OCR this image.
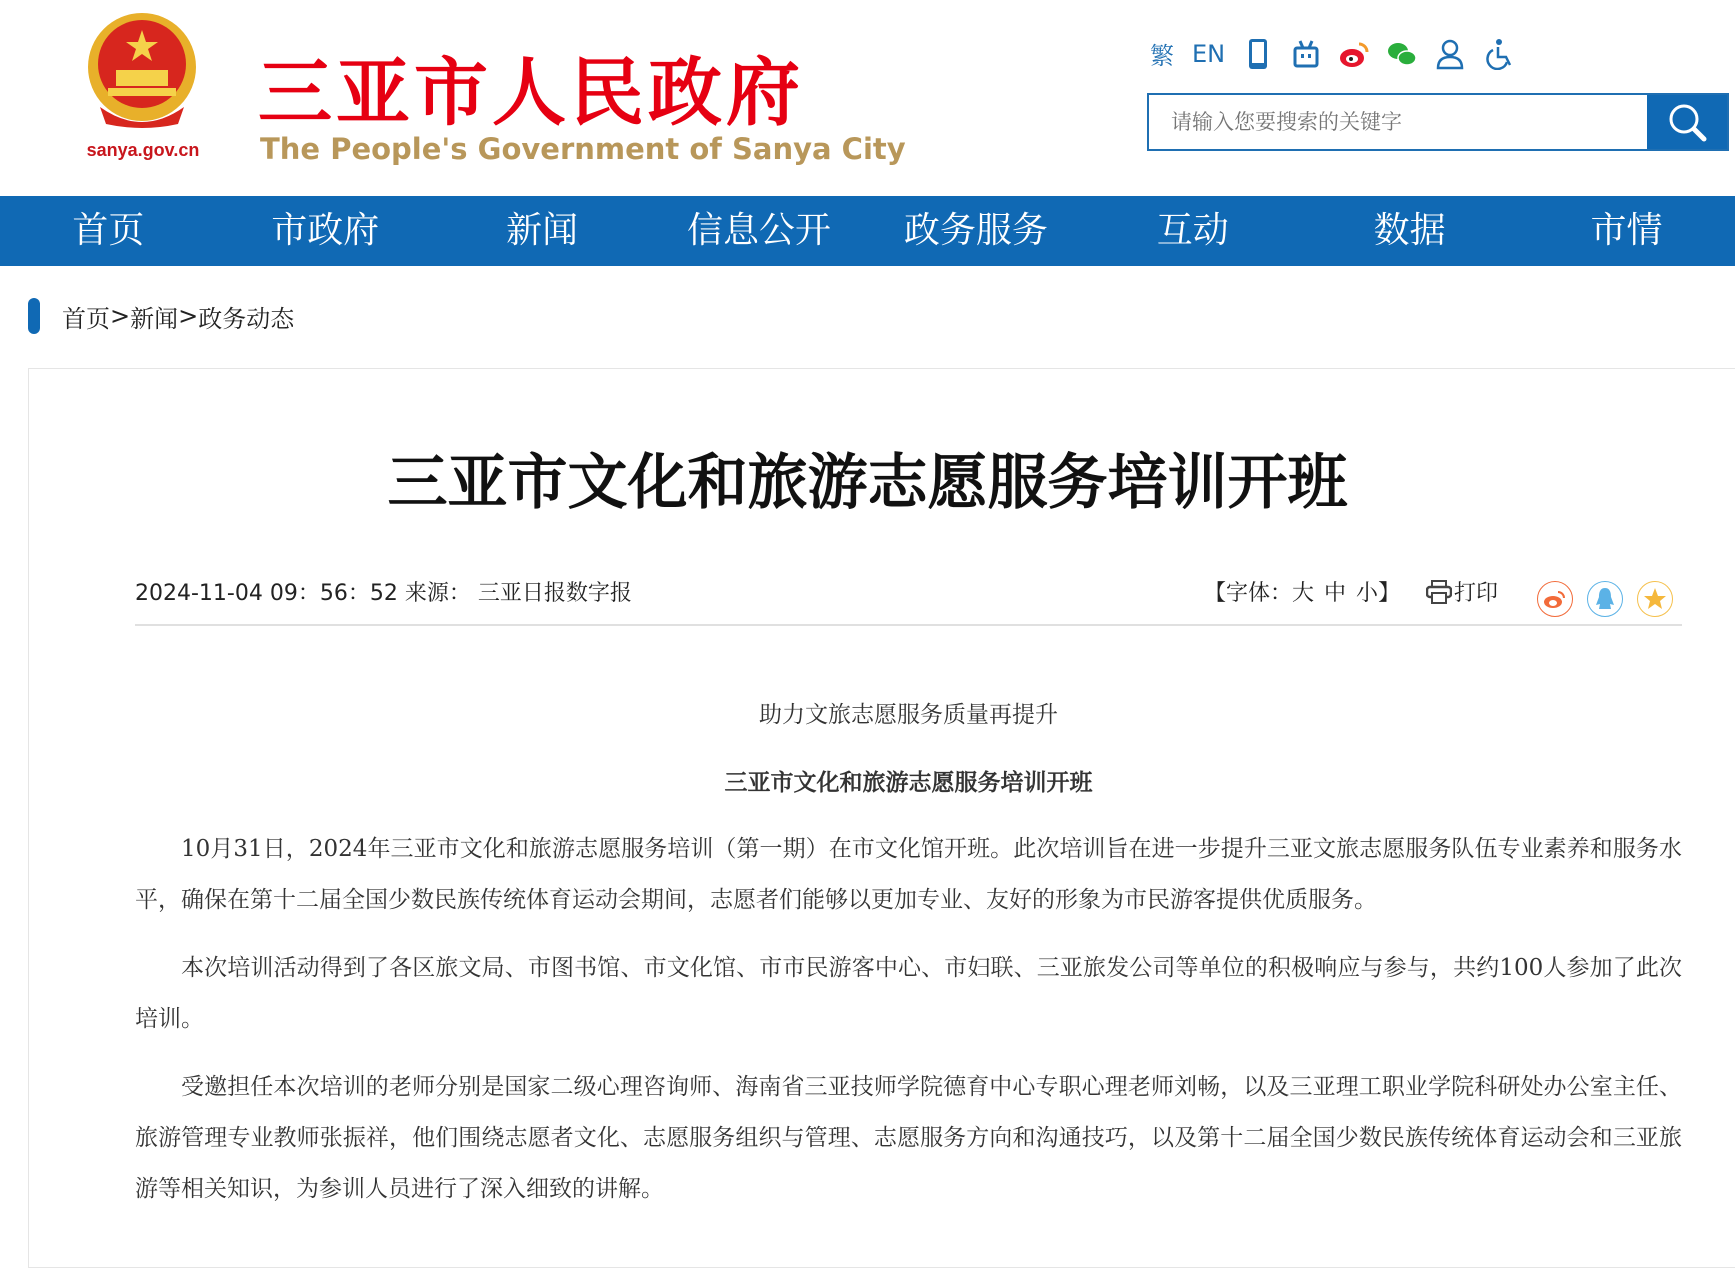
sanya.gov.cn
三亚市人民政府
The People's Government of Sanya City
繁 EN
请输入您要搜索的关键字
首页	市政府	新闻	信息公开	政务服务	互动	数据	市情
首页 > 新闻 > 政务动态
三亚市文化和旅游志愿服务培训开班
2024-11-04 09：56：52 来源： 三亚日报数字报	【字体： 大 中 小 】 打印

助力文旅志愿服务质量再提升

三亚市文化和旅游志愿服务培训开班

10月31日，2024年三亚市文化和旅游志愿服务培训（第一期）在市文化馆开班。此次培训旨在进一步提升三亚文旅志愿服务队伍专业素养和服务水平，确保在第十二届全国少数民族传统体育运动会期间，志愿者们能够以更加专业、友好的形象为市民游客提供优质服务。

本次培训活动得到了各区旅文局、市图书馆、市文化馆、市市民游客中心、市妇联、三亚旅发公司等单位的积极响应与参与，共约100人参加了此次培训。

受邀担任本次培训的老师分别是国家二级心理咨询师、海南省三亚技师学院德育中心专职心理老师刘畅，以及三亚理工职业学院科研处办公室主任、旅游管理专业教师张振祥，他们围绕志愿者文化、志愿服务组织与管理、志愿服务方向和沟通技巧，以及第十二届全国少数民族传统体育运动会和三亚旅游等相关知识，为参训人员进行了深入细致的讲解。
